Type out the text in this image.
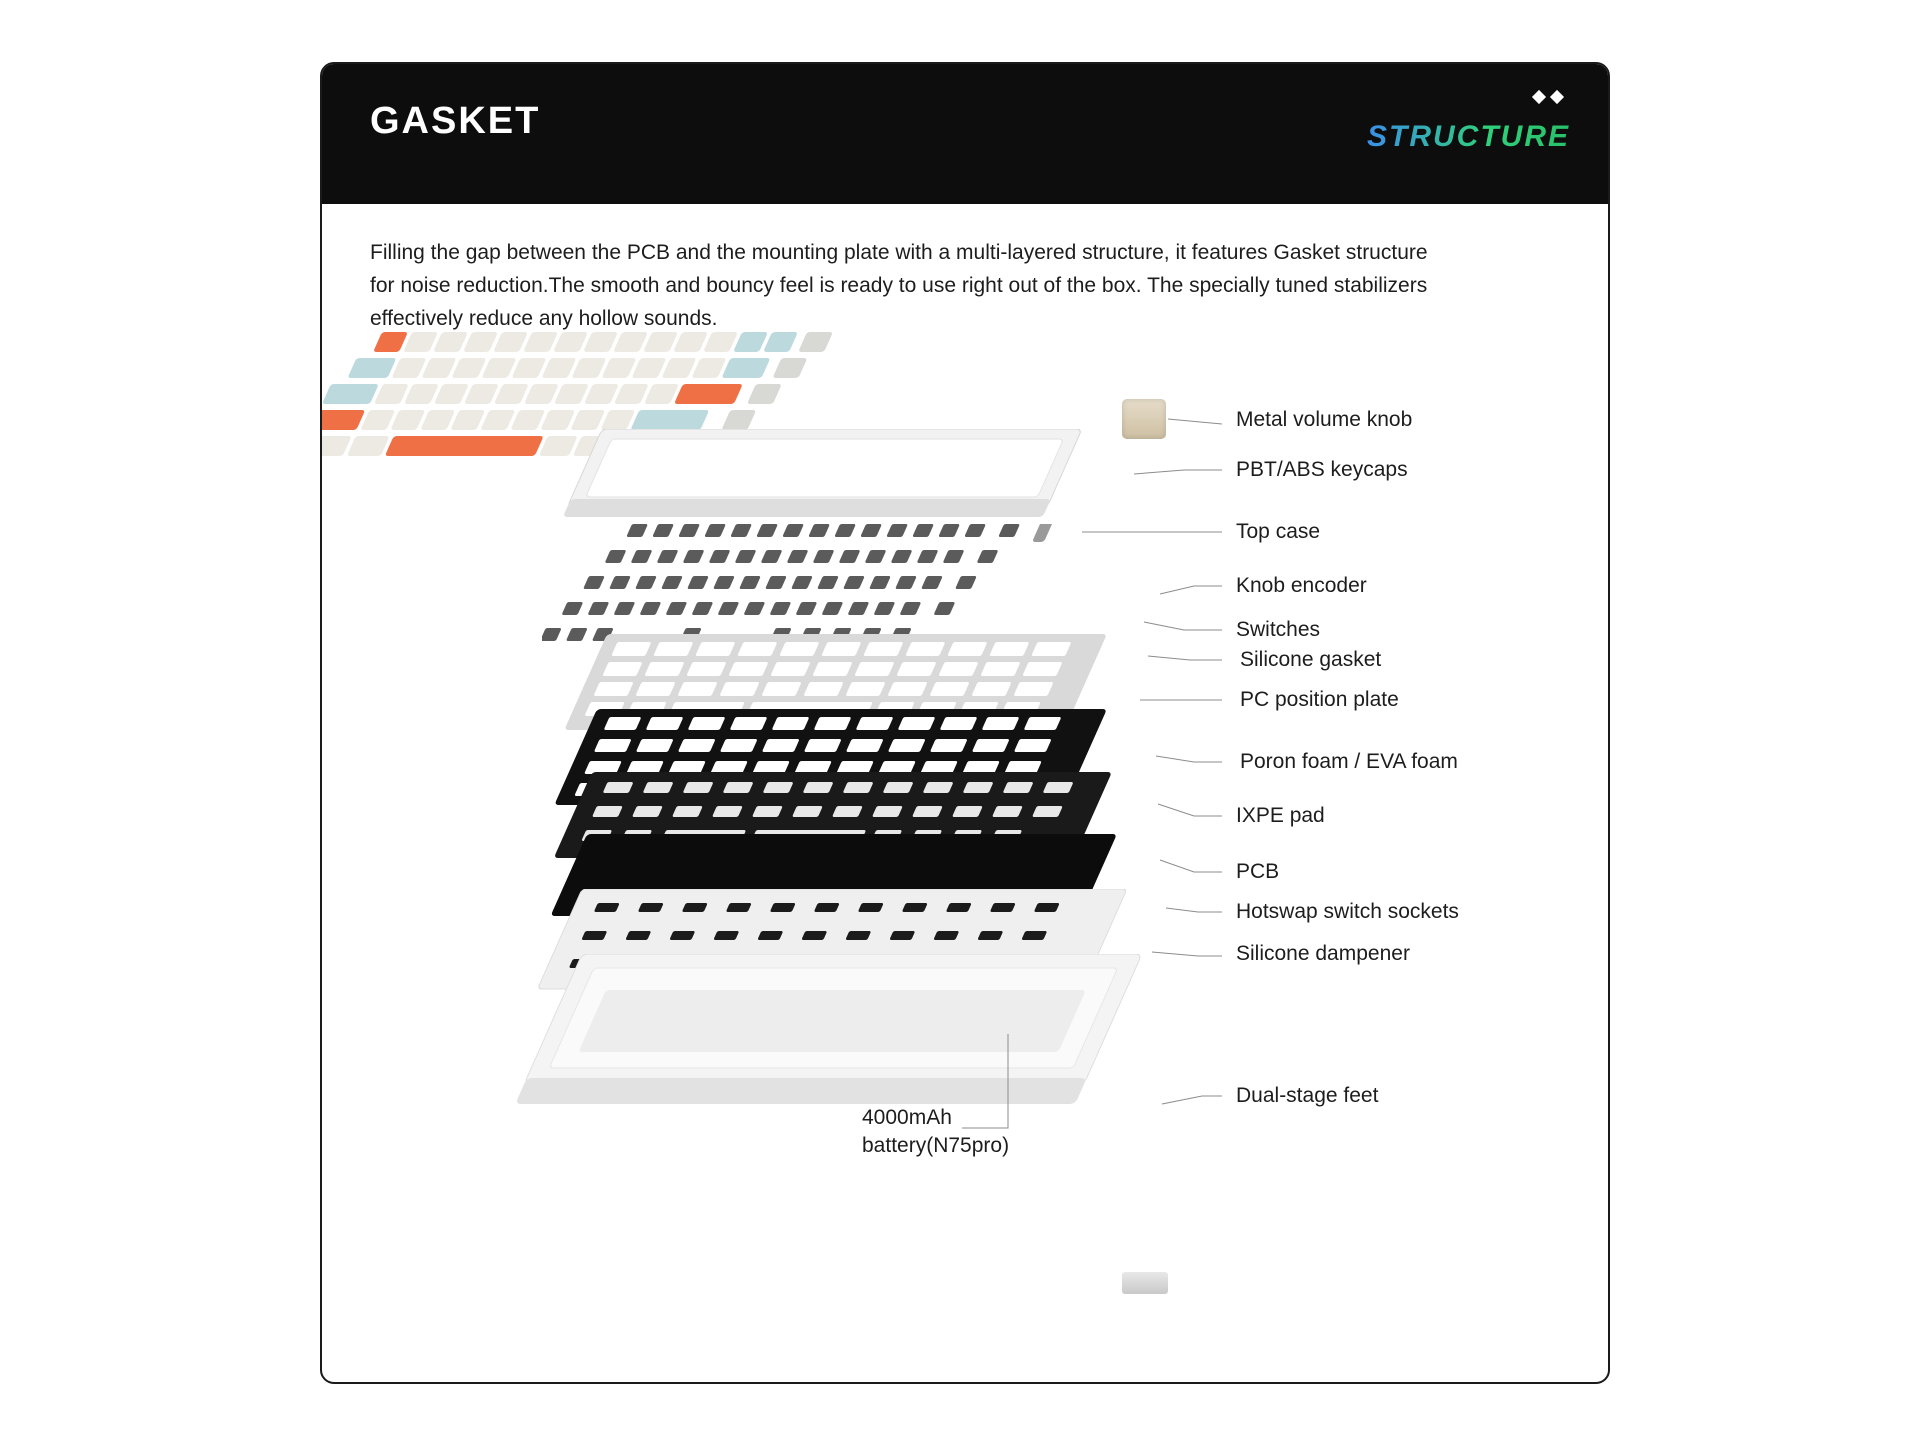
GASKET	STRUCTURE
Filling the gap between the PCB and the mounting plate with a multi-layered structure, it features Gasket structure for noise reduction.The smooth and bouncy feel is ready to use right out of the box. The specially tuned stabilizers effectively reduce any hollow sounds.
Metal volume knob
PBT/ABS keycaps
Top case
Knob encoder
Switches
Silicone gasket
PC position plate
Poron foam / EVA foam
IXPE pad
PCB
Hotswap switch sockets
Silicone dampener
Dual-stage feet
4000mAh
battery(N75pro)
